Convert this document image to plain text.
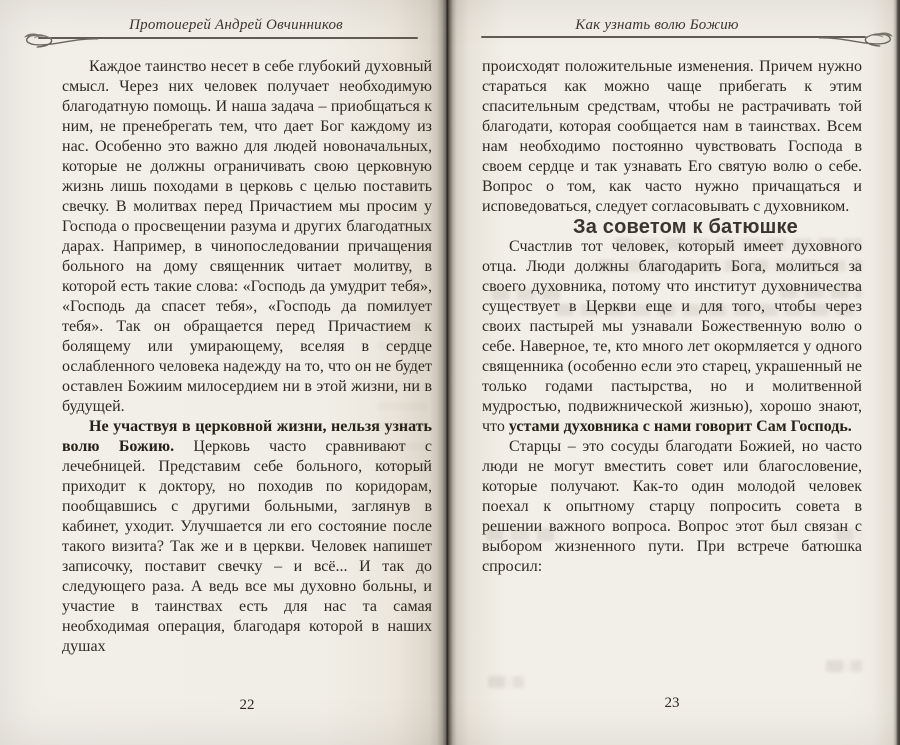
Протоиерей Андрей Овчинников

Каждое таинство несет в себе глубокий духовный смысл. Через них человек получает необходимую благодатную помощь. И наша задача – приобщаться к ним, не пренебрегать тем, что дает Бог каждому из нас. Особенно это важно для людей новоначальных, которые не должны ограничивать свою церковную жизнь лишь походами в церковь с целью поставить свечку. В молитвах перед Причастием мы просим у Господа о просвещении разума и других благодатных дарах. Например, в чинопоследовании причащения больного на дому священник читает молитву, в которой есть такие слова: «Господь да умудрит тебя», «Господь да спасет тебя», «Господь да помилует тебя». Так он обращается перед Причастием к болящему или умирающему, вселяя в сердце ослабленного человека надежду на то, что он не будет оставлен Божиим милосердием ни в этой жизни, ни в будущей.

Не участвуя в церковной жизни, нельзя узнать волю Божию. Церковь часто сравнивают с лечебницей. Представим себе больного, который приходит к доктору, но походив по коридорам, пообщавшись с другими больными, заглянув в кабинет, уходит. Улучшается ли его состояние после такого визита? Так же и в церкви. Человек напишет записочку, поставит свечку – и всё... И так до следующего раза. А ведь все мы духовно больны, и участие в таинствах есть для нас та самая необходимая операция, благодаря которой в наших душах

22
Как узнать волю Божию

происходят положительные изменения. Причем нужно стараться как можно чаще прибегать к этим спасительным средствам, чтобы не растрачивать той благодати, которая сообщается нам в таинствах. Всем нам необходимо постоянно чувствовать Господа в своем сердце и так узнавать Его святую волю о себе. Вопрос о том, как часто нужно причащаться и исповедоваться, следует согласовывать с духовником.

За советом к батюшке

Счастлив тот человек, который имеет духовного отца. Люди должны благодарить Бога, молиться за своего духовника, потому что институт духовничества существует в Церкви еще и для того, чтобы через своих пастырей мы узнавали Божественную волю о себе. Наверное, те, кто много лет окормляется у одного священника (особенно если это старец, украшенный не только годами пастырства, но и молитвенной мудростью, подвижнической жизнью), хорошо знают, что устами духовника с нами говорит Сам Господь.

Старцы – это сосуды благодати Божией, но часто люди не могут вместить совет или благословение, которые получают. Как-то один молодой человек поехал к опытному старцу попросить совета в решении важного вопроса. Вопрос этот был связан с выбором жизненного пути. При встрече батюшка спросил:

23
